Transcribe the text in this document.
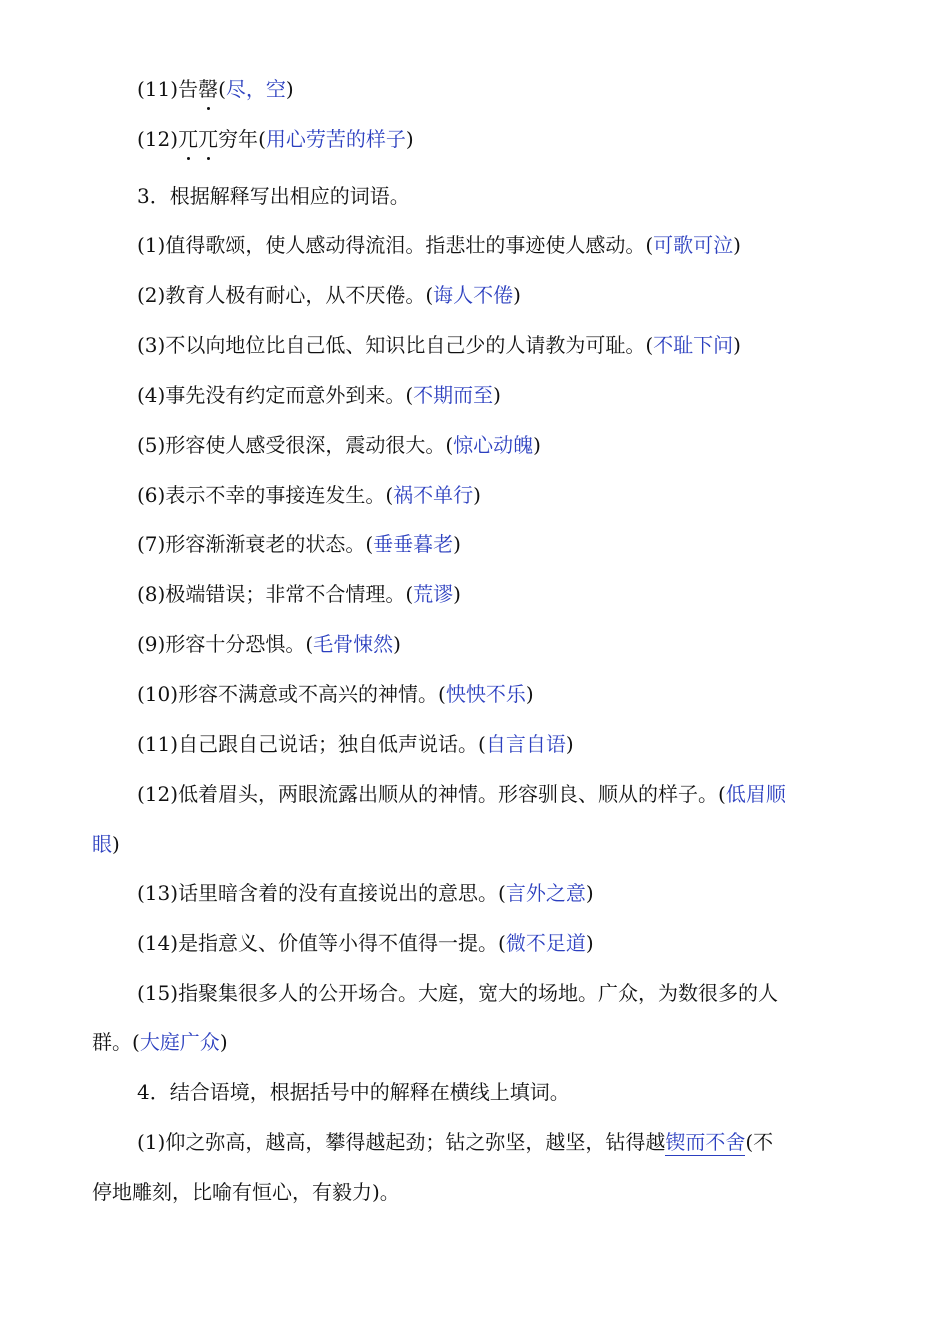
(11)告罄(尽，空)
(12)兀兀穷年(用心劳苦的样子)
3．根据解释写出相应的词语。
(1)值得歌颂，使人感动得流泪。指悲壮的事迹使人感动。(可歌可泣)
(2)教育人极有耐心，从不厌倦。(诲人不倦)
(3)不以向地位比自己低、知识比自己少的人请教为可耻。(不耻下问)
(4)事先没有约定而意外到来。(不期而至)
(5)形容使人感受很深，震动很大。(惊心动魄)
(6)表示不幸的事接连发生。(祸不单行)
(7)形容渐渐衰老的状态。(垂垂暮老)
(8)极端错误；非常不合情理。(荒谬)
(9)形容十分恐惧。(毛骨悚然)
(10)形容不满意或不高兴的神情。(怏怏不乐)
(11)自己跟自己说话；独自低声说话。(自言自语)
(12)低着眉头，两眼流露出顺从的神情。形容驯良、顺从的样子。(低眉顺
眼)
(13)话里暗含着的没有直接说出的意思。(言外之意)
(14)是指意义、价值等小得不值得一提。(微不足道)
(15)指聚集很多人的公开场合。大庭，宽大的场地。广众，为数很多的人
群。(大庭广众)
4．结合语境，根据括号中的解释在横线上填词。
(1)仰之弥高，越高，攀得越起劲；钻之弥坚，越坚，钻得越锲而不舍(不
停地雕刻，比喻有恒心，有毅力)。
